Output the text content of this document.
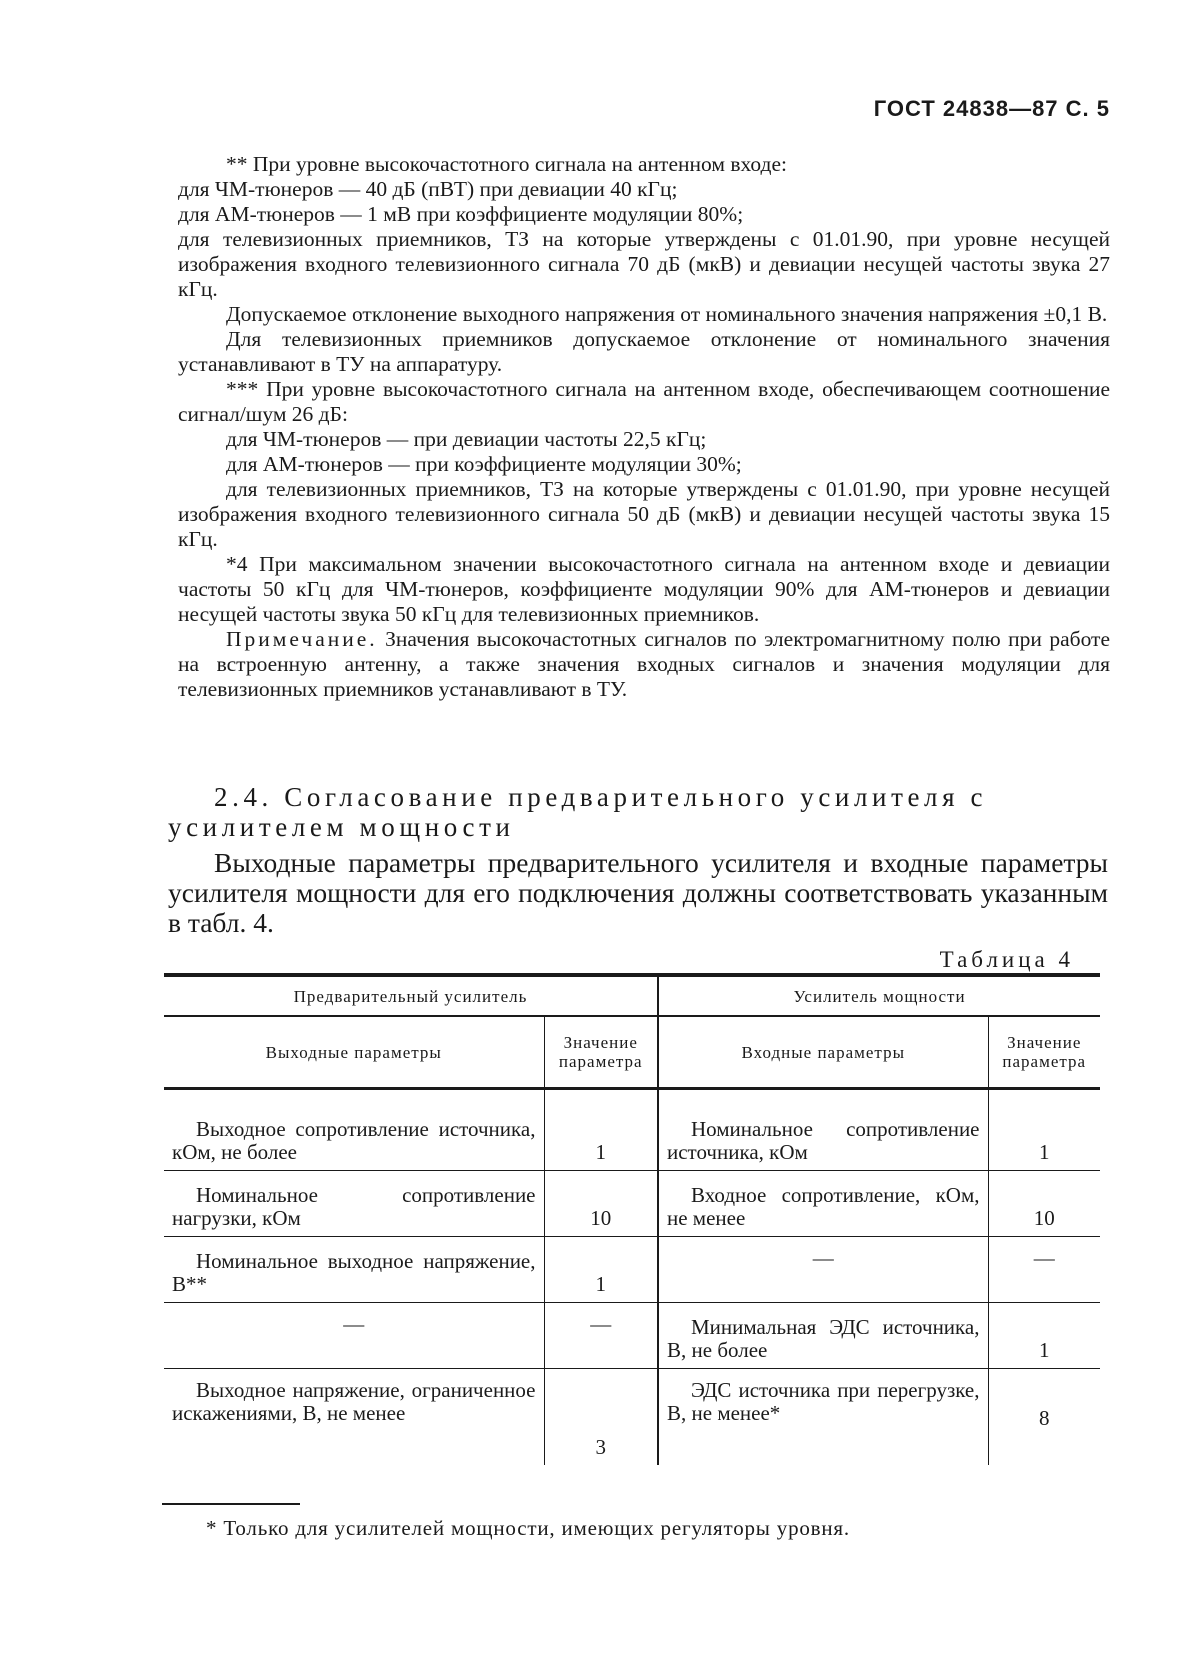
ГОСТ 24838—87 С. 5

** При уровне высокочастотного сигнала на антенном входе:

для ЧМ-тюнеров — 40 дБ (пВТ) при девиации 40 кГц;

для АМ-тюнеров — 1 мВ при коэффициенте модуляции 80%;

для телевизионных приемников, ТЗ на которые утверждены с 01.01.90, при уровне несущей изображения входного телевизионного сигнала 70 дБ (мкВ) и девиации несущей частоты звука 27 кГц.

Допускаемое отклонение выходного напряжения от номинального значения напряжения ±0,1 В.

Для телевизионных приемников допускаемое отклонение от номинального значения устанавливают в ТУ на аппаратуру.

*** При уровне высокочастотного сигнала на антенном входе, обеспечивающем соотношение сигнал/шум 26 дБ:

для ЧМ-тюнеров — при девиации частоты 22,5 кГц;

для АМ-тюнеров — при коэффициенте модуляции 30%;

для телевизионных приемников, ТЗ на которые утверждены с 01.01.90, при уровне несущей изображения входного телевизионного сигнала 50 дБ (мкВ) и девиации несущей частоты звука 15 кГц.

*4 При максимальном значении высокочастотного сигнала на антенном входе и девиации частоты 50 кГц для ЧМ-тюнеров, коэффициенте модуляции 90% для АМ-тюнеров и девиации несущей частоты звука 50 кГц для телевизионных приемников.

Примечание. Значения высокочастотных сигналов по электромагнитному полю при работе на встроенную антенну, а также значения входных сигналов и значения модуляции для телевизионных приемников устанавливают в ТУ.

2.4. Согласование предварительного усилителя с усилителем мощности

Выходные параметры предварительного усилителя и входные параметры усилителя мощности для его подключения должны соответствовать указанным в табл. 4.

Таблица 4
Предварительный усилитель		Усилитель мощности	
Выходные параметры	Значение параметра	Входные параметры	Значение параметра
Выходное сопротивление источника, кОм, не более	1	Номинальное сопротивление источника, кОм	1
Номинальное сопротивление нагрузки, кОм	10	Входное сопротивление, кОм, не менее	10
Номинальное выходное напряжение, В**	1	—	—
—	—	Минимальная ЭДС источника, В, не более	1
Выходное напряжение, ограниченное искажениями, В, не менее	3	ЭДС источника при перегрузке, В, не менее*	8
* Только для усилителей мощности, имеющих регуляторы уровня.
